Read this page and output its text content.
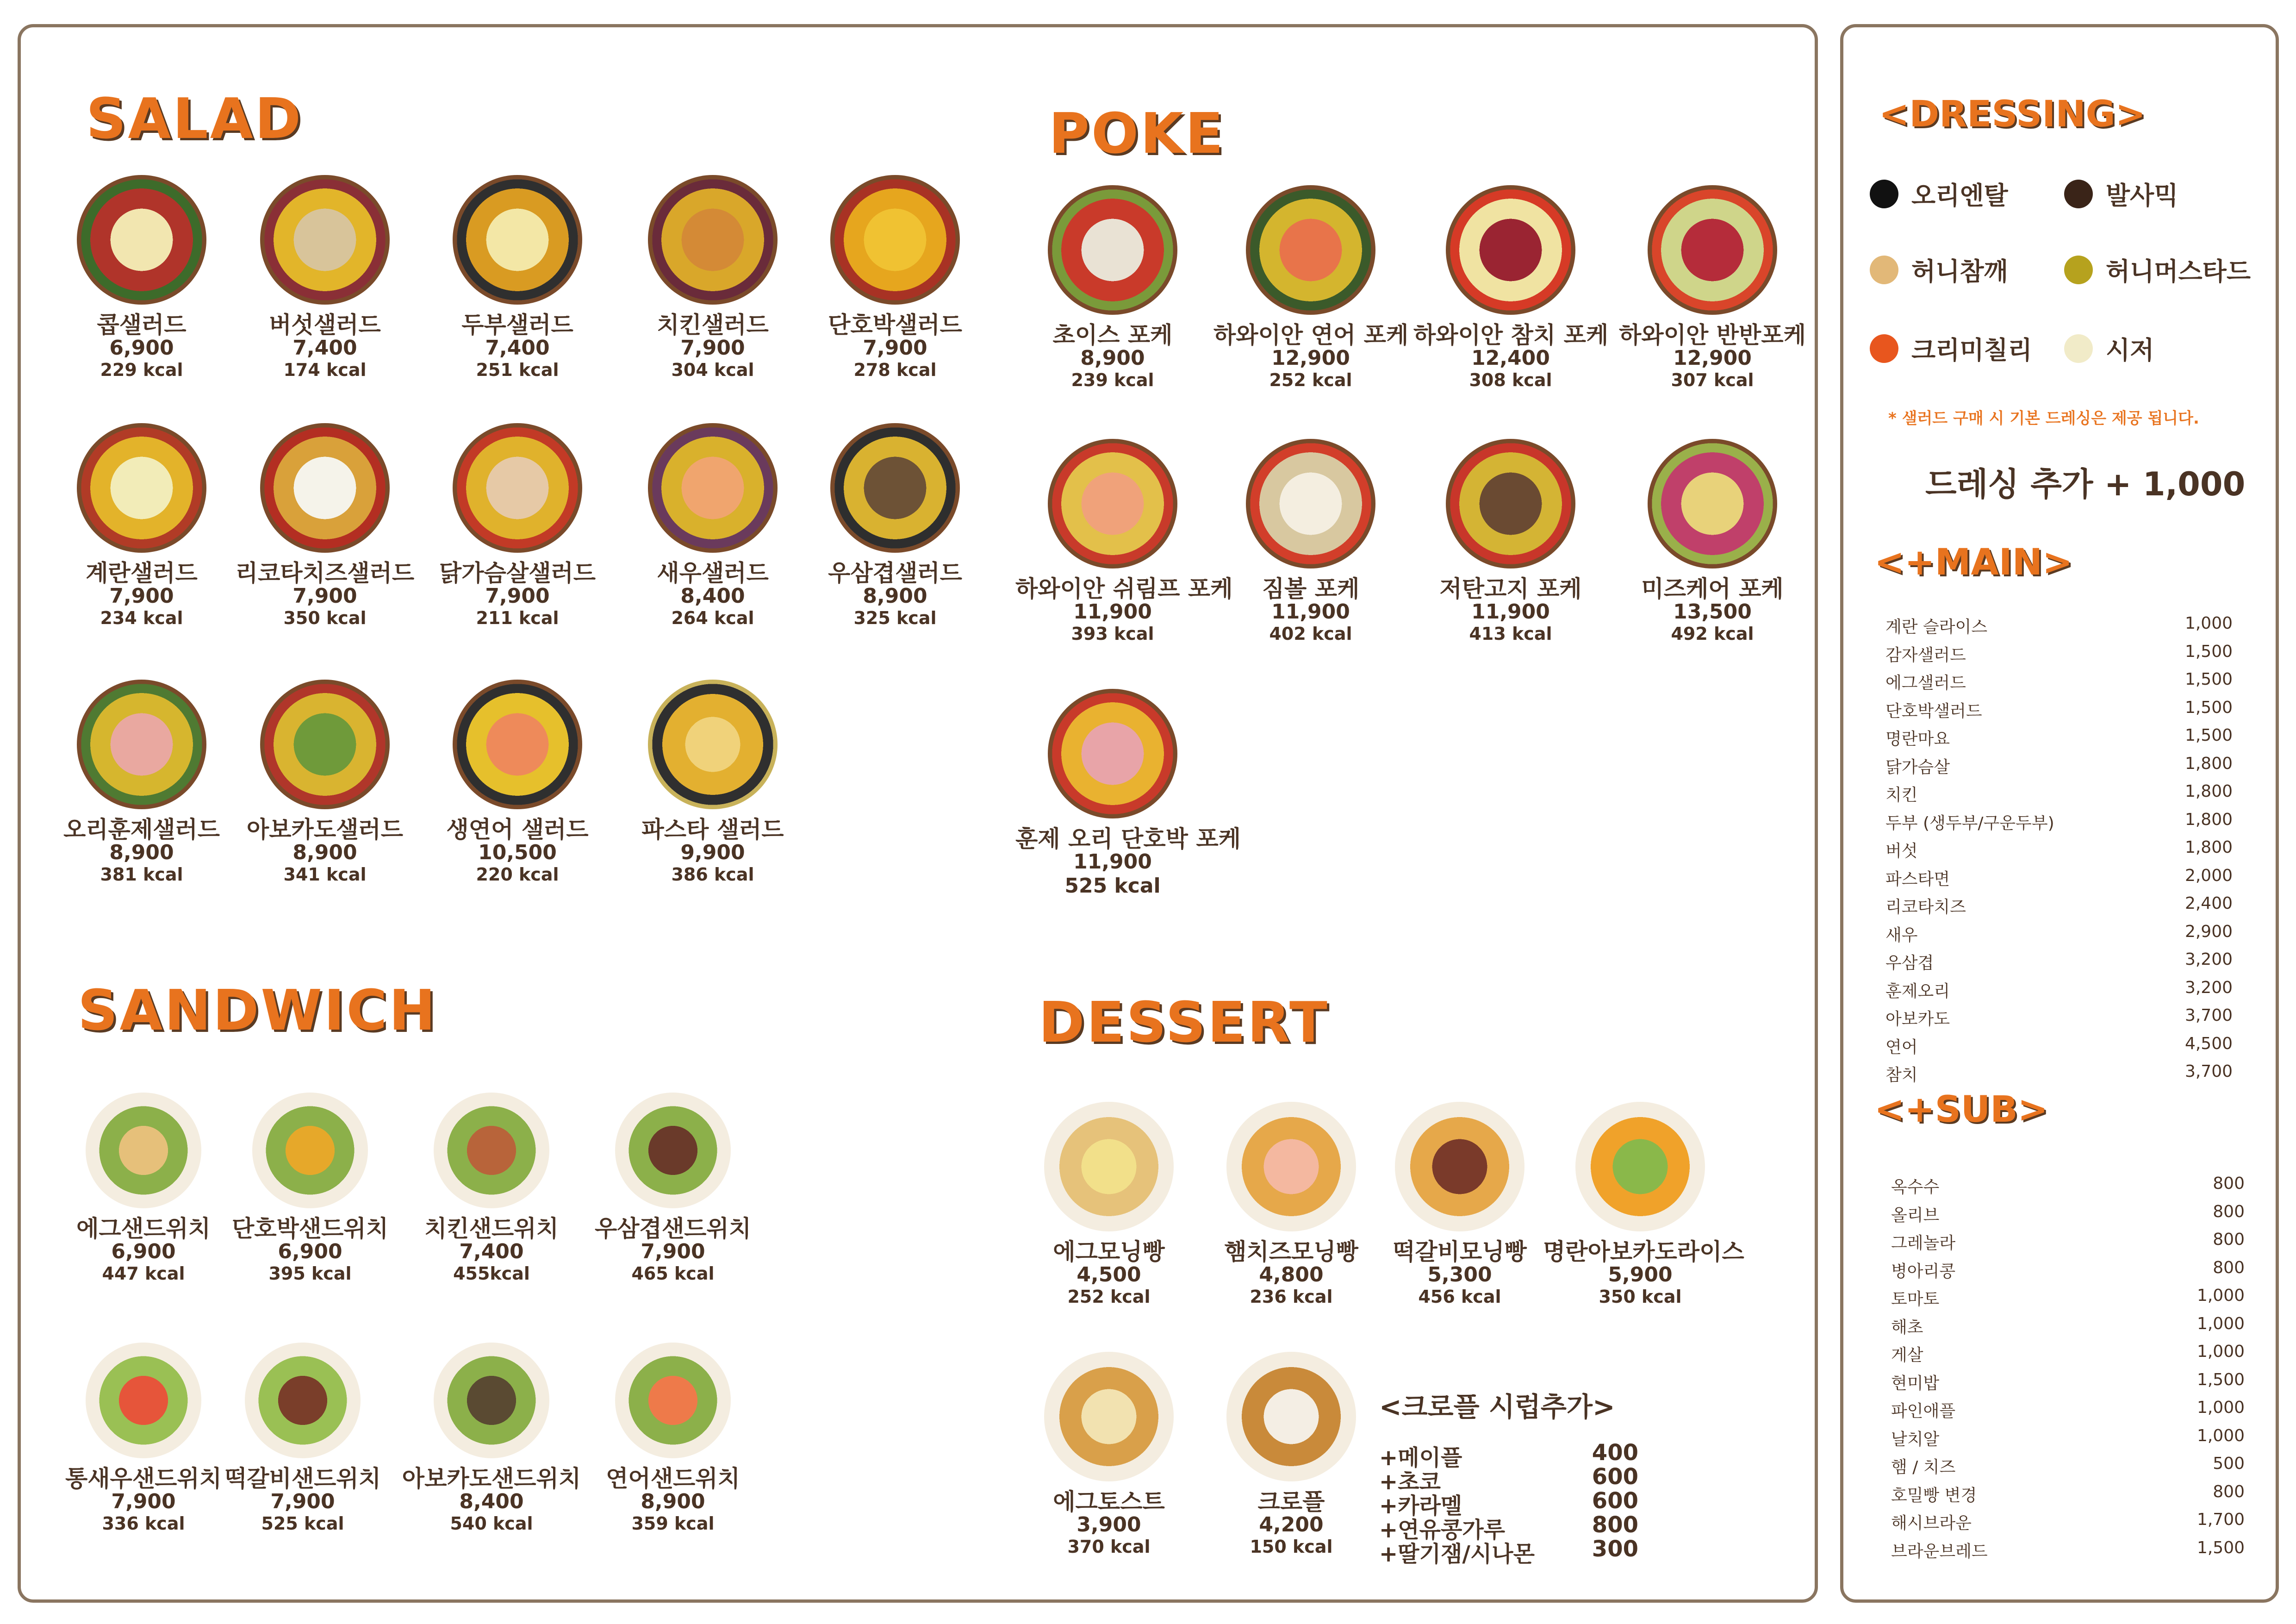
SALAD	POKE
SANDWICH	DESSERT
콥샐러드
6,900
229 kcal
버섯샐러드
7,400
174 kcal
두부샐러드
7,400
251 kcal
치킨샐러드
7,900
304 kcal
단호박샐러드
7,900
278 kcal
계란샐러드
7,900
234 kcal
리코타치즈샐러드
7,900
350 kcal
닭가슴살샐러드
7,900
211 kcal
새우샐러드
8,400
264 kcal
우삼겹샐러드
8,900
325 kcal
오리훈제샐러드
8,900
381 kcal
아보카도샐러드
8,900
341 kcal
생연어 샐러드
10,500
220 kcal
파스타 샐러드
9,900
386 kcal
초이스 포케
8,900
239 kcal
하와이안 연어 포케
12,900
252 kcal
하와이안 참치 포케
12,400
308 kcal
하와이안 반반포케
12,900
307 kcal
하와이안 쉬림프 포케
11,900
393 kcal
짐볼 포케
11,900
402 kcal
저탄고지 포케
11,900
413 kcal
미즈케어 포케
13,500
492 kcal
훈제 오리 단호박 포케
11,900
525 kcal
에그샌드위치
6,900
447 kcal
단호박샌드위치
6,900
395 kcal
치킨샌드위치
7,400
455kcal
우삼겹샌드위치
7,900
465 kcal
통새우샌드위치
7,900
336 kcal
떡갈비샌드위치
7,900
525 kcal
아보카도샌드위치
8,400
540 kcal
연어샌드위치
8,900
359 kcal
에그모닝빵
4,500
252 kcal
햄치즈모닝빵
4,800
236 kcal
떡갈비모닝빵
5,300
456 kcal
명란아보카도라이스
5,900
350 kcal
에그토스트
3,900
370 kcal
크로플
4,200
150 kcal
<크로플 시럽추가>
+메이플	400
+초코	600
+카라멜	600
+연유콩가루	800
+딸기잼/시나몬	300
<DRESSING>
오리엔탈	발사믹
허니참깨	허니머스타드
크리미칠리	시저
* 샐러드 구매 시 기본 드레싱은 제공 됩니다.
드레싱 추가 + 1,000
<+MAIN>
계란 슬라이스	1,000
감자샐러드	1,500
에그샐러드	1,500
단호박샐러드	1,500
명란마요	1,500
닭가슴살	1,800
치킨	1,800
두부 (생두부/구운두부)	1,800
버섯	1,800
파스타면	2,000
리코타치즈	2,400
새우	2,900
우삼겹	3,200
훈제오리	3,200
아보카도	3,700
연어	4,500
참치	3,700
<+SUB>
옥수수	800
올리브	800
그레놀라	800
병아리콩	800
토마토	1,000
해초	1,000
게살	1,000
현미밥	1,500
파인애플	1,000
날치알	1,000
햄 / 치즈	500
호밀빵 변경	800
해시브라운	1,700
브라운브레드	1,500
